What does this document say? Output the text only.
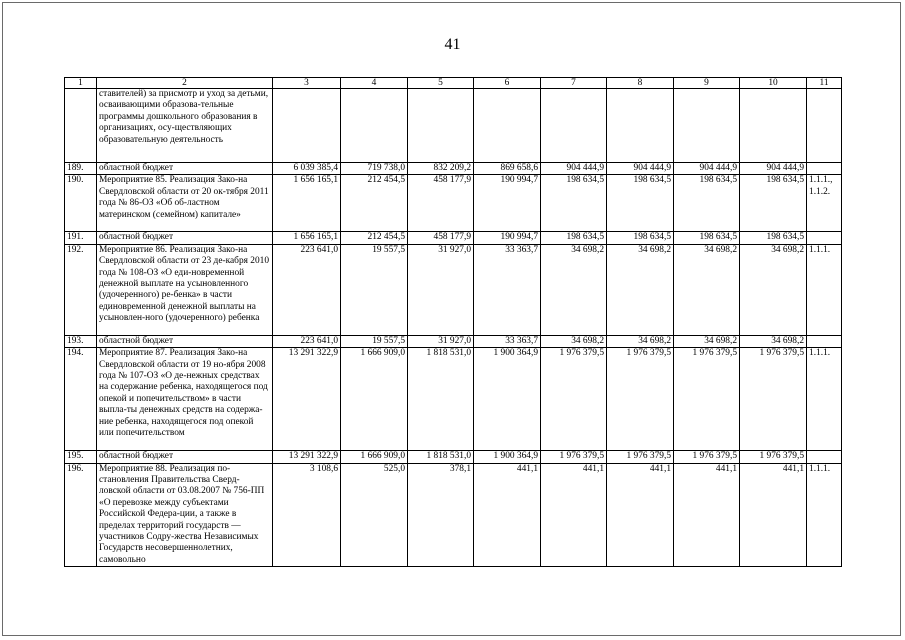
41
1	2	3	4	5	6	7	8	9	10	11
	ставителей) за присмотр и уход за детьми, осваивающими образова-тельные программы дошкольного образования в организациях, осу-ществляющих образовательную деятельность									
189.	областной бюджет	6 039 385,4	719 738,0	832 209,2	869 658,6	904 444,9	904 444,9	904 444,9	904 444,9	
190.	Мероприятие 85. Реализация Зако-на Свердловской области от 20 ок-тября 2011 года № 86-ОЗ «Об об-ластном материнском (семейном) капитале»	1 656 165,1	212 454,5	458 177,9	190 994,7	198 634,5	198 634,5	198 634,5	198 634,5	1.1.1., 1.1.2.
191.	областной бюджет	1 656 165,1	212 454,5	458 177,9	190 994,7	198 634,5	198 634,5	198 634,5	198 634,5	
192.	Мероприятие 86. Реализация Зако-на Свердловской области от 23 де-кабря 2010 года № 108-ОЗ «О еди-новременной денежной выплате на усыновленного (удочеренного) ре-бенка» в части единовременной денежной выплаты на усыновлен-ного (удочеренного) ребенка	223 641,0	19 557,5	31 927,0	33 363,7	34 698,2	34 698,2	34 698,2	34 698,2	1.1.1.
193.	областной бюджет	223 641,0	19 557,5	31 927,0	33 363,7	34 698,2	34 698,2	34 698,2	34 698,2	
194.	Мероприятие 87. Реализация Зако-на Свердловской области от 19 но-ября 2008 года № 107-ОЗ «О де-нежных средствах на содержание ребенка, находящегося под опекой и попечительством» в части выпла-ты денежных средств на содержа-ние ребенка, находящегося под опекой или попечительством	13 291 322,9	1 666 909,0	1 818 531,0	1 900 364,9	1 976 379,5	1 976 379,5	1 976 379,5	1 976 379,5	1.1.1.
195.	областной бюджет	13 291 322,9	1 666 909,0	1 818 531,0	1 900 364,9	1 976 379,5	1 976 379,5	1 976 379,5	1 976 379,5	
196.	Мероприятие 88. Реализация по-становления Правительства Сверд-ловской области от 03.08.2007 № 756-ПП «О перевозке между субъектами Российской Федера-ции, а также в пределах территорий государств — участников Содру-жества Независимых Государств несовершеннолетних, самовольно	3 108,6	525,0	378,1	441,1	441,1	441,1	441,1	441,1	1.1.1.
